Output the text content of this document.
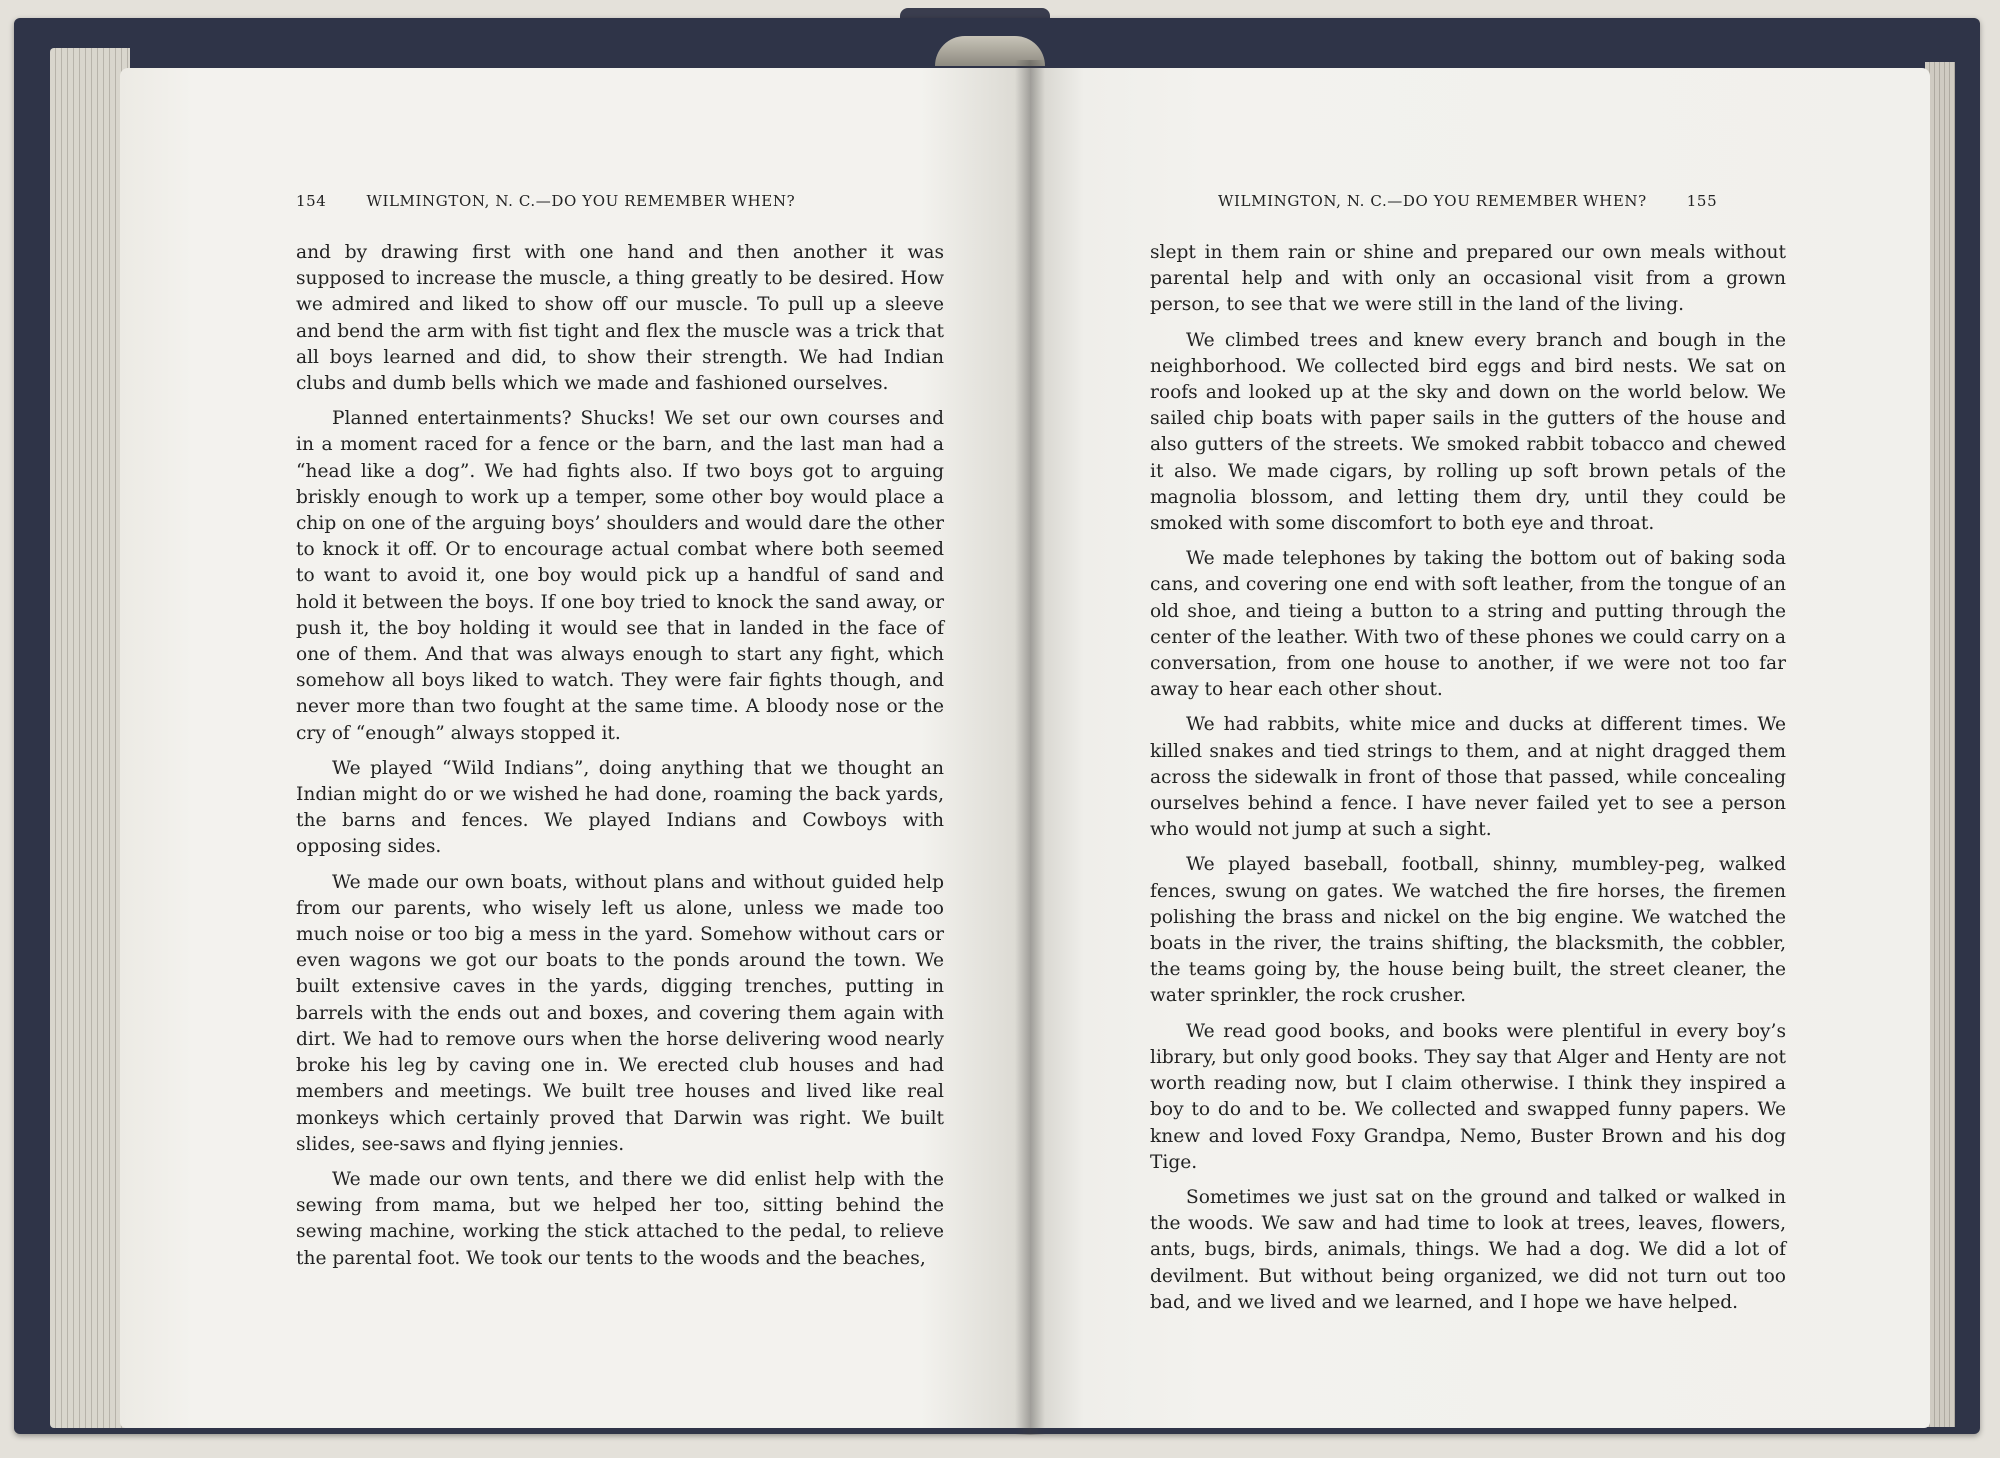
154	WILMINGTON, N. C.—DO YOU REMEMBER WHEN?

and by drawing first with one hand and then another it was supposed to increase the muscle, a thing greatly to be desired. How we admired and liked to show off our muscle. To pull up a sleeve and bend the arm with fist tight and flex the muscle was a trick that all boys learned and did, to show their strength. We had Indian clubs and dumb bells which we made and fashioned ourselves.

Planned entertainments? Shucks! We set our own courses and in a moment raced for a fence or the barn, and the last man had a “head like a dog”. We had fights also. If two boys got to arguing briskly enough to work up a temper, some other boy would place a chip on one of the arguing boys’ shoulders and would dare the other to knock it off. Or to encourage actual combat where both seemed to want to avoid it, one boy would pick up a handful of sand and hold it between the boys. If one boy tried to knock the sand away, or push it, the boy holding it would see that in landed in the face of one of them. And that was always enough to start any fight, which somehow all boys liked to watch. They were fair fights though, and never more than two fought at the same time. A bloody nose or the cry of “enough” always stopped it.

We played “Wild Indians”, doing anything that we thought an Indian might do or we wished he had done, roaming the back yards, the barns and fences. We played Indians and Cowboys with opposing sides.

We made our own boats, without plans and without guided help from our parents, who wisely left us alone, unless we made too much noise or too big a mess in the yard. Somehow without cars or even wagons we got our boats to the ponds around the town. We built extensive caves in the yards, digging trenches, putting in barrels with the ends out and boxes, and covering them again with dirt. We had to remove ours when the horse delivering wood nearly broke his leg by caving one in. We erected club houses and had members and meetings. We built tree houses and lived like real monkeys which certainly proved that Darwin was right. We built slides, see-saws and flying jennies.

We made our own tents, and there we did enlist help with the sewing from mama, but we helped her too, sitting behind the sewing machine, working the stick attached to the pedal, to relieve the parental foot. We took our tents to the woods and the beaches,

WILMINGTON, N. C.—DO YOU REMEMBER WHEN?	155

slept in them rain or shine and prepared our own meals without parental help and with only an occasional visit from a grown person, to see that we were still in the land of the living.

We climbed trees and knew every branch and bough in the neighborhood. We collected bird eggs and bird nests. We sat on roofs and looked up at the sky and down on the world below. We sailed chip boats with paper sails in the gutters of the house and also gutters of the streets. We smoked rabbit tobacco and chewed it also. We made cigars, by rolling up soft brown petals of the magnolia blossom, and letting them dry, until they could be smoked with some discomfort to both eye and throat.

We made telephones by taking the bottom out of baking soda cans, and covering one end with soft leather, from the tongue of an old shoe, and tieing a button to a string and putting through the center of the leather. With two of these phones we could carry on a conversation, from one house to another, if we were not too far away to hear each other shout.

We had rabbits, white mice and ducks at different times. We killed snakes and tied strings to them, and at night dragged them across the sidewalk in front of those that passed, while concealing ourselves behind a fence. I have never failed yet to see a person who would not jump at such a sight.

We played baseball, football, shinny, mumbley-peg, walked fences, swung on gates. We watched the fire horses, the firemen polishing the brass and nickel on the big engine. We watched the boats in the river, the trains shifting, the blacksmith, the cobbler, the teams going by, the house being built, the street cleaner, the water sprinkler, the rock crusher.

We read good books, and books were plentiful in every boy’s library, but only good books. They say that Alger and Henty are not worth reading now, but I claim otherwise. I think they inspired a boy to do and to be. We collected and swapped funny papers. We knew and loved Foxy Grandpa, Nemo, Buster Brown and his dog Tige.

Sometimes we just sat on the ground and talked or walked in the woods. We saw and had time to look at trees, leaves, flowers, ants, bugs, birds, animals, things. We had a dog. We did a lot of devilment. But without being organized, we did not turn out too bad, and we lived and we learned, and I hope we have helped.
